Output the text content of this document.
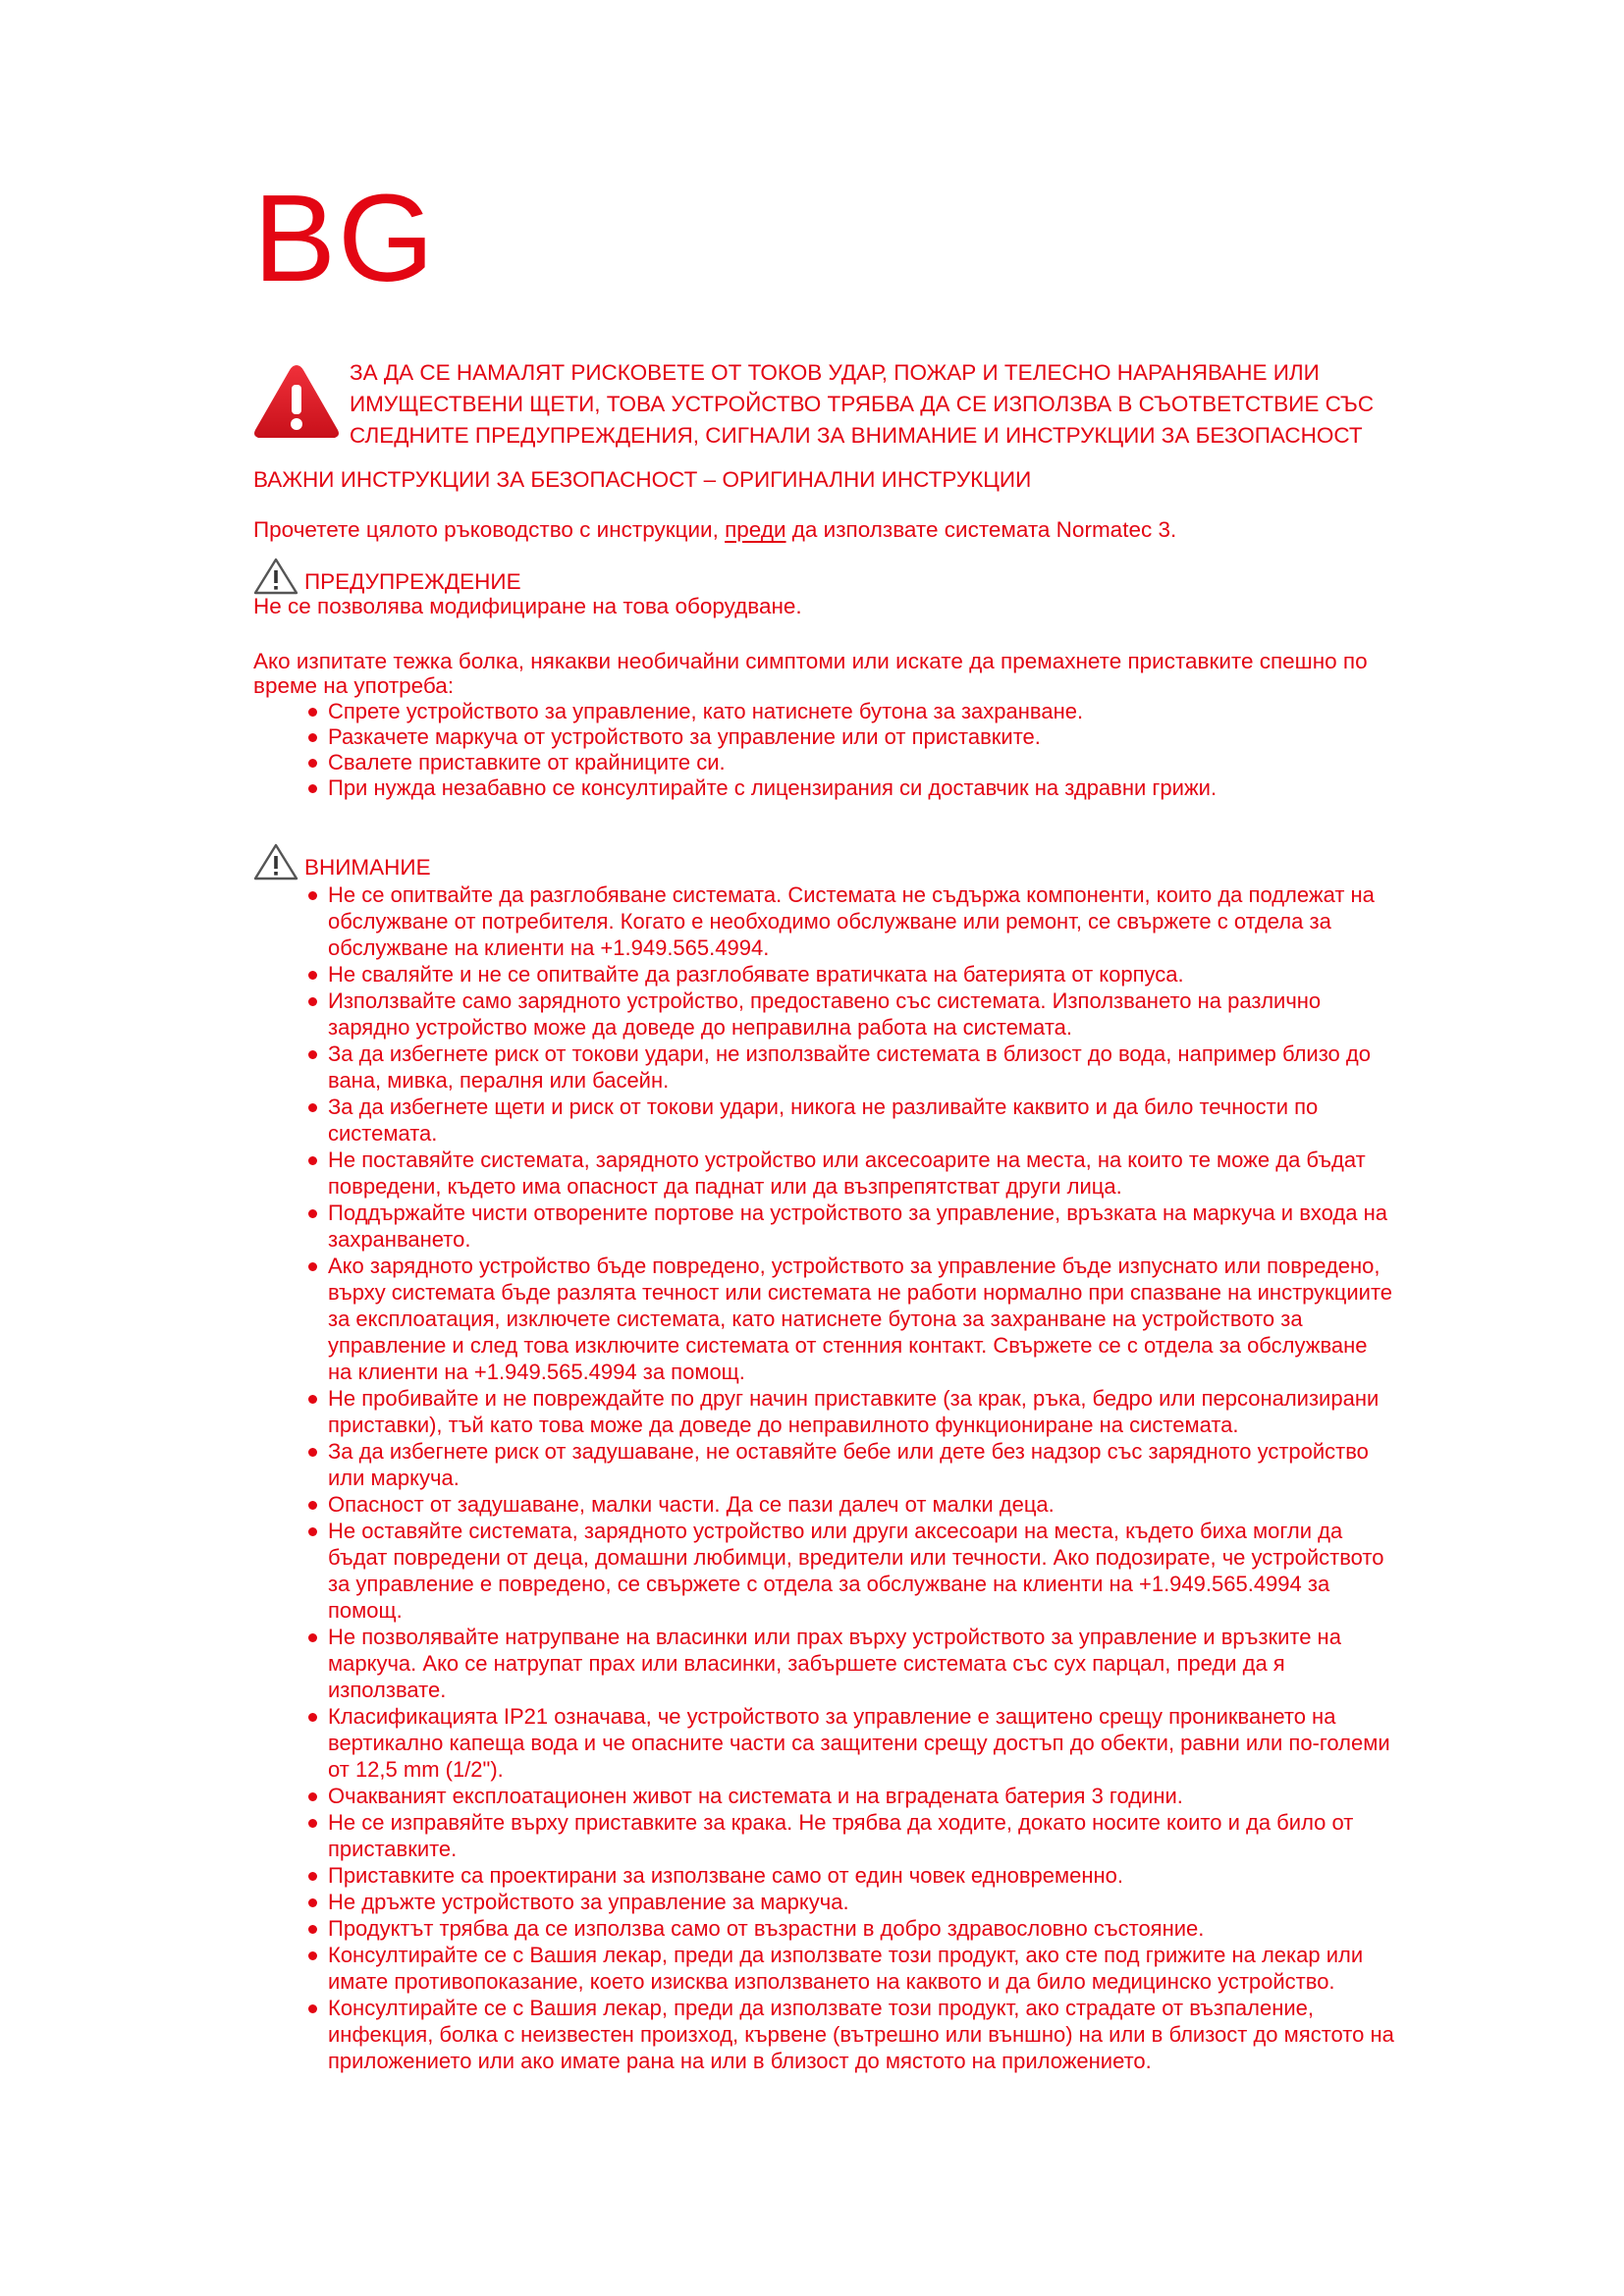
BG
ЗА ДА СЕ НАМАЛЯТ РИСКОВЕТЕ ОТ ТОКОВ УДАР, ПОЖАР И ТЕЛЕСНО НАРАНЯВАНЕ ИЛИ
ИМУЩЕСТВЕНИ ЩЕТИ, ТОВА УСТРОЙСТВО ТРЯБВА ДА СЕ ИЗПОЛЗВА В СЪОТВЕТСТВИЕ СЪС
СЛЕДНИТЕ ПРЕДУПРЕЖДЕНИЯ, СИГНАЛИ ЗА ВНИМАНИЕ И ИНСТРУКЦИИ ЗА БЕЗОПАСНОСТ
ВАЖНИ ИНСТРУКЦИИ ЗА БЕЗОПАСНОСТ – ОРИГИНАЛНИ ИНСТРУКЦИИ
Прочетете цялото ръководство с инструкции, преди да използвате системата Normatec 3.
ПРЕДУПРЕЖДЕНИЕ

Не се позволява модифициране на това оборудване.

Ако изпитате тежка болка, някакви необичайни симптоми или искате да премахнете приставките спешно по време на употреба:

Спрете устройството за управление, като натиснете бутона за захранване.
Разкачете маркуча от устройството за управление или от приставките.
Свалете приставките от крайниците си.
При нужда незабавно се консултирайте с лицензирания си доставчик на здравни грижи.
ВНИМАНИЕ
Не се опитвайте да разглобяване системата. Системата не съдържа компоненти, които да подлежат на обслужване от потребителя. Когато е необходимо обслужване или ремонт, се свържете с отдела за обслужване на клиенти на +1.949.565.4994.
Не сваляйте и не се опитвайте да разглобявате вратичката на батерията от корпуса.
Използвайте само зарядното устройство, предоставено със системата. Използването на различно зарядно устройство може да доведе до неправилна работа на системата.
За да избегнете риск от токови удари, не използвайте системата в близост до вода, например близо до вана, мивка, пералня или басейн.
За да избегнете щети и риск от токови удари, никога не разливайте каквито и да било течности по системата.
Не поставяйте системата, зарядното устройство или аксесоарите на места, на които те може да бъдат повредени, където има опасност да паднат или да възпрепятстват други лица.
Поддържайте чисти отворените портове на устройството за управление, връзката на маркуча и входа на захранването.
Ако зарядното устройство бъде повредено, устройството за управление бъде изпуснато или повредено, върху системата бъде разлята течност или системата не работи нормално при спазване на инструкциите за експлоатация, изключете системата, като натиснете бутона за захранване на устройството за управление и след това изключите системата от стенния контакт. Свържете се с отдела за обслужване на клиенти на +1.949.565.4994 за помощ.
Не пробивайте и не повреждайте по друг начин приставките (за крак, ръка, бедро или персонализирани приставки), тъй като това може да доведе до неправилното функциониране на системата.
За да избегнете риск от задушаване, не оставяйте бебе или дете без надзор със зарядното устройство или маркуча.
Опасност от задушаване, малки части. Да се пази далеч от малки деца.
Не оставяйте системата, зарядното устройство или други аксесоари на места, където биха могли да бъдат повредени от деца, домашни любимци, вредители или течности. Ако подозирате, че устройството за управление е повредено, се свържете с отдела за обслужване на клиенти на +1.949.565.4994 за помощ.
Не позволявайте натрупване на власинки или прах върху устройството за управление и връзките на маркуча. Ако се натрупат прах или власинки, забършете системата със сух парцал, преди да я използвате.
Класификацията IP21 означава, че устройството за управление е защитено срещу проникването на вертикално капеща вода и че опасните части са защитени срещу достъп до обекти, равни или по-големи от 12,5 mm (1/2").
Очакваният експлоатационен живот на системата и на вградената батерия 3 години.
Не се изправяйте върху приставките за крака. Не трябва да ходите, докато носите които и да било от приставките.
Приставките са проектирани за използване само от един човек едновременно.
Не дръжте устройството за управление за маркуча.
Продуктът трябва да се използва само от възрастни в добро здравословно състояние.
Консултирайте се с Вашия лекар, преди да използвате този продукт, ако сте под грижите на лекар или имате противопоказание, което изисква използването на каквото и да било медицинско устройство.
Консултирайте се с Вашия лекар, преди да използвате този продукт, ако страдате от възпаление, инфекция, болка с неизвестен произход, кървене (вътрешно или външно) на или в близост до мястото на приложението или ако имате рана на или в близост до мястото на приложението.
